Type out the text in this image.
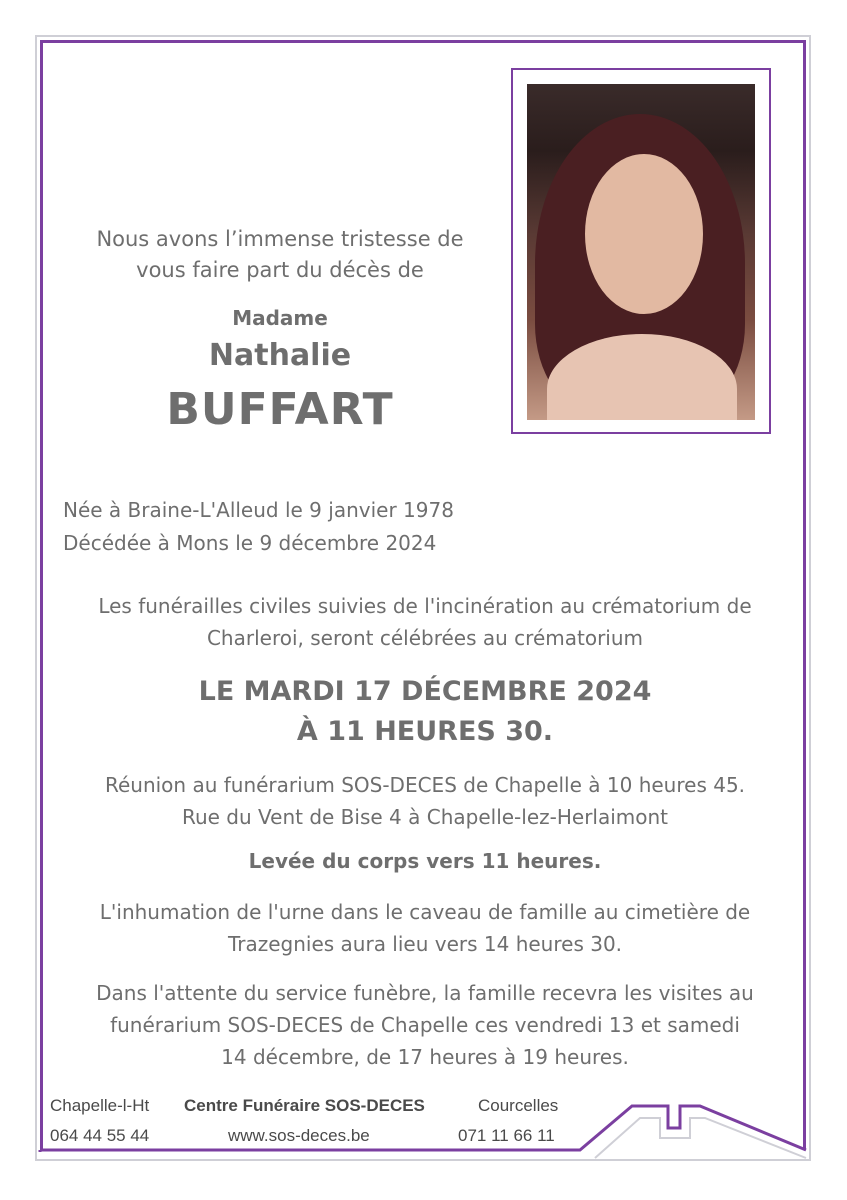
Nous avons l’immense tristesse de
vous faire part du décès de
Madame
Nathalie
BUFFART
Née à Braine-L'Alleud le 9 janvier 1978
Décédée à Mons le 9 décembre 2024
Les funérailles civiles suivies de l'incinération au crématorium de
Charleroi, seront célébrées au crématorium
LE MARDI 17 DÉCEMBRE 2024
À 11 HEURES 30.
Réunion au funérarium SOS-DECES de Chapelle à 10 heures 45.
Rue du Vent de Bise 4 à Chapelle-lez-Herlaimont
Levée du corps vers 11 heures.
L'inhumation de l'urne dans le caveau de famille au cimetière de
Trazegnies aura lieu vers 14 heures 30.
Dans l'attente du service funèbre, la famille recevra les visites au
funérarium SOS-DECES de Chapelle ces vendredi 13 et samedi
14 décembre, de 17 heures à 19 heures.
Chapelle-l-Ht
064 44 55 44
Centre Funéraire SOS-DECES
www.sos-deces.be
Courcelles
071 11 66 11
